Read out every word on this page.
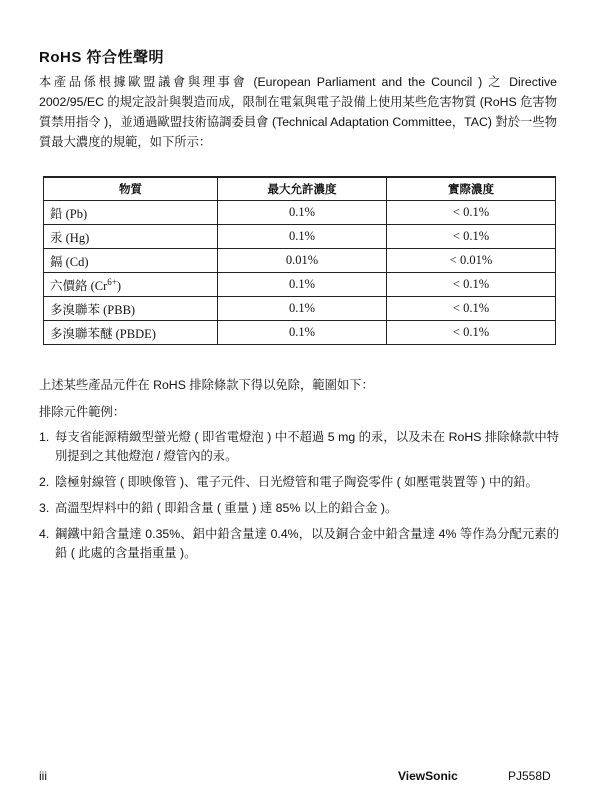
RoHS 符合性聲明
本產品係根據歐盟議會與理事會 (European Parliament and the Council ) 之 Directive 2002/95/EC 的規定設計與製造而成，限制在電氣與電子設備上使用某些危害物質 (RoHS 危害物質禁用指令 )，並通過歐盟技術協調委員會 (Technical Adaptation Committee，TAC) 對於一些物質最大濃度的規範，如下所示：
物質	最大允許濃度	實際濃度
鉛 (Pb)	0.1%	< 0.1%
汞 (Hg)	0.1%	< 0.1%
鎘 (Cd)	0.01%	< 0.01%
六價鉻 $(Cr^{6+})$	0.1%	< 0.1%
多溴聯苯 (PBB)	0.1%	< 0.1%
多溴聯苯醚 (PBDE)	0.1%	< 0.1%
上述某些產品元件在 RoHS 排除條款下得以免除，範圍如下：
排除元件範例：
1. 每支省能源精緻型螢光燈 ( 即省電燈泡 ) 中不超過 5 mg 的汞，以及未在 RoHS 排除條款中特別提到之其他燈泡 / 燈管內的汞。
2. 陰極射線管 ( 即映像管 )、電子元件、日光燈管和電子陶瓷零件 ( 如壓電裝置等 ) 中的鉛。
3. 高溫型焊料中的鉛 ( 即鉛含量 ( 重量 ) 達 85% 以上的鉛合金 )。
4. 鋼鐵中鉛含量達 0.35%、鋁中鉛含量達 0.4%，以及銅合金中鉛含量達 4% 等作為分配元素的鉛 ( 此處的含量指重量 )。
iii	ViewSonic	PJ558D
